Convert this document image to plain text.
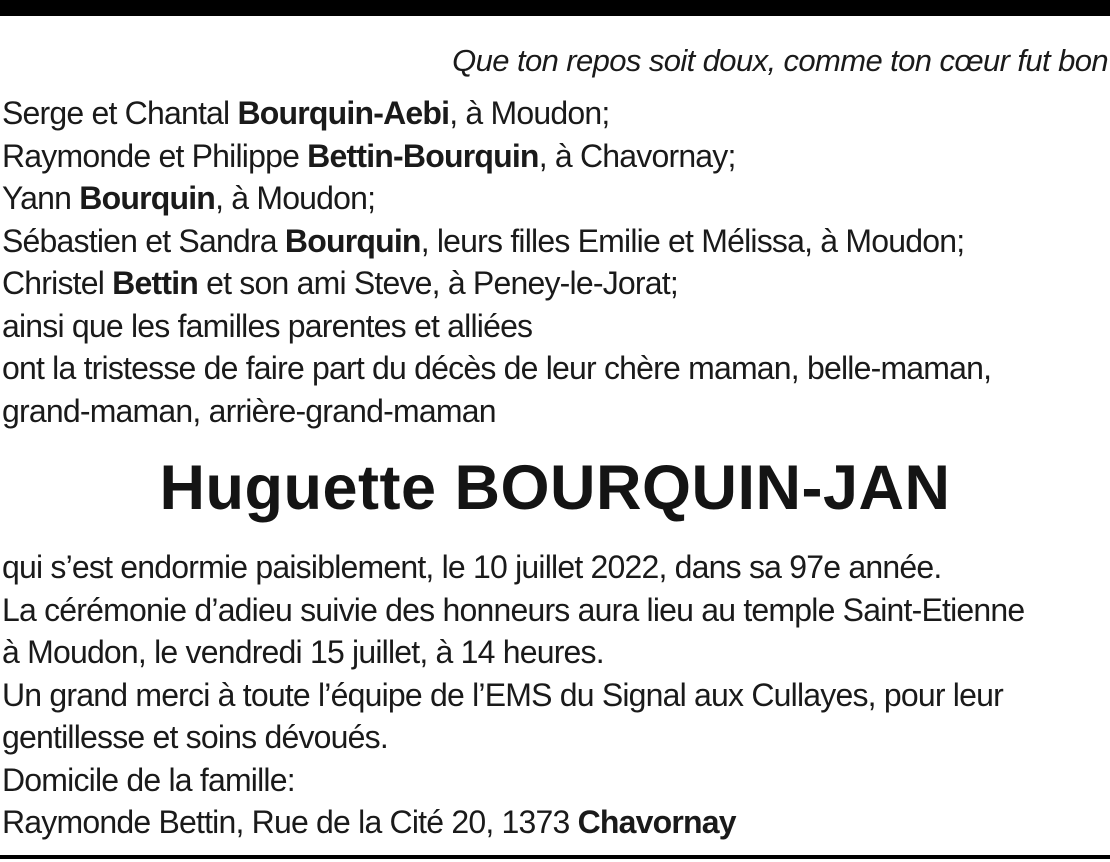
Que ton repos soit doux, comme ton cœur fut bon
Serge et Chantal Bourquin-Aebi, à Moudon;
Raymonde et Philippe Bettin-Bourquin, à Chavornay;
Yann Bourquin, à Moudon;
Sébastien et Sandra Bourquin, leurs filles Emilie et Mélissa, à Moudon;
Christel Bettin et son ami Steve, à Peney-le-Jorat;
ainsi que les familles parentes et alliées
ont la tristesse de faire part du décès de leur chère maman, belle-maman,
grand-maman, arrière-grand-maman
Huguette BOURQUIN-JAN
qui s’est endormie paisiblement, le 10 juillet 2022, dans sa 97e année.
La cérémonie d’adieu suivie des honneurs aura lieu au temple Saint-Etienne
à Moudon, le vendredi 15 juillet, à 14 heures.
Un grand merci à toute l’équipe de l’EMS du Signal aux Cullayes, pour leur
gentillesse et soins dévoués.
Domicile de la famille:
Raymonde Bettin, Rue de la Cité 20, 1373 Chavornay
